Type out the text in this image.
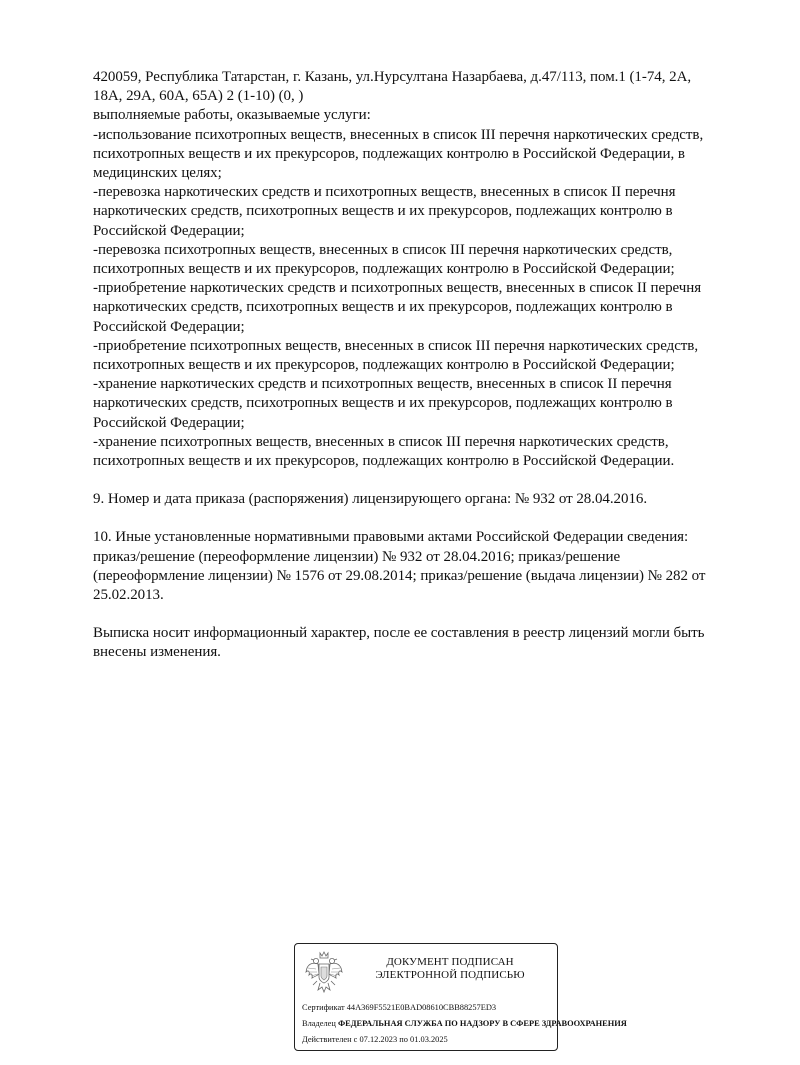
420059, Республика Татарстан, г. Казань, ул.Нурсултана Назарбаева, д.47/113, пом.1 (1-74, 2А,
18А, 29А, 60А, 65А) 2 (1-10) (0, )
выполняемые работы, оказываемые услуги:
-использование психотропных веществ, внесенных в список III перечня наркотических средств,
психотропных веществ и их прекурсоров, подлежащих контролю в Российской Федерации, в
медицинских целях;
-перевозка наркотических средств и психотропных веществ, внесенных в список II перечня
наркотических средств, психотропных веществ и их прекурсоров, подлежащих контролю в
Российской Федерации;
-перевозка психотропных веществ, внесенных в список III перечня наркотических средств,
психотропных веществ и их прекурсоров, подлежащих контролю в Российской Федерации;
-приобретение наркотических средств и психотропных веществ, внесенных в список II перечня
наркотических средств, психотропных веществ и их прекурсоров, подлежащих контролю в
Российской Федерации;
-приобретение психотропных веществ, внесенных в список III перечня наркотических средств,
психотропных веществ и их прекурсоров, подлежащих контролю в Российской Федерации;
-хранение наркотических средств и психотропных веществ, внесенных в список II перечня
наркотических средств, психотропных веществ и их прекурсоров, подлежащих контролю в
Российской Федерации;
-хранение психотропных веществ, внесенных в список III перечня наркотических средств,
психотропных веществ и их прекурсоров, подлежащих контролю в Российской Федерации.
9. Номер и дата приказа (распоряжения) лицензирующего органа: № 932 от 28.04.2016.
10. Иные установленные нормативными правовыми актами Российской Федерации сведения:
приказ/решение (переоформление лицензии) № 932 от 28.04.2016; приказ/решение
(переоформление лицензии) № 1576 от 29.08.2014; приказ/решение (выдача лицензии) № 282 от
25.02.2013.
Выписка носит информационный характер, после ее составления в реестр лицензий могли быть
внесены изменения.
ДОКУМЕНТ ПОДПИСАН
ЭЛЕКТРОННОЙ ПОДПИСЬЮ
Сертификат 44A369F5521E0BAD08610CBB88257ED3
Владелец ФЕДЕРАЛЬНАЯ СЛУЖБА ПО НАДЗОРУ В СФЕРЕ ЗДРАВООХРАНЕНИЯ
Действителен с 07.12.2023 по 01.03.2025
